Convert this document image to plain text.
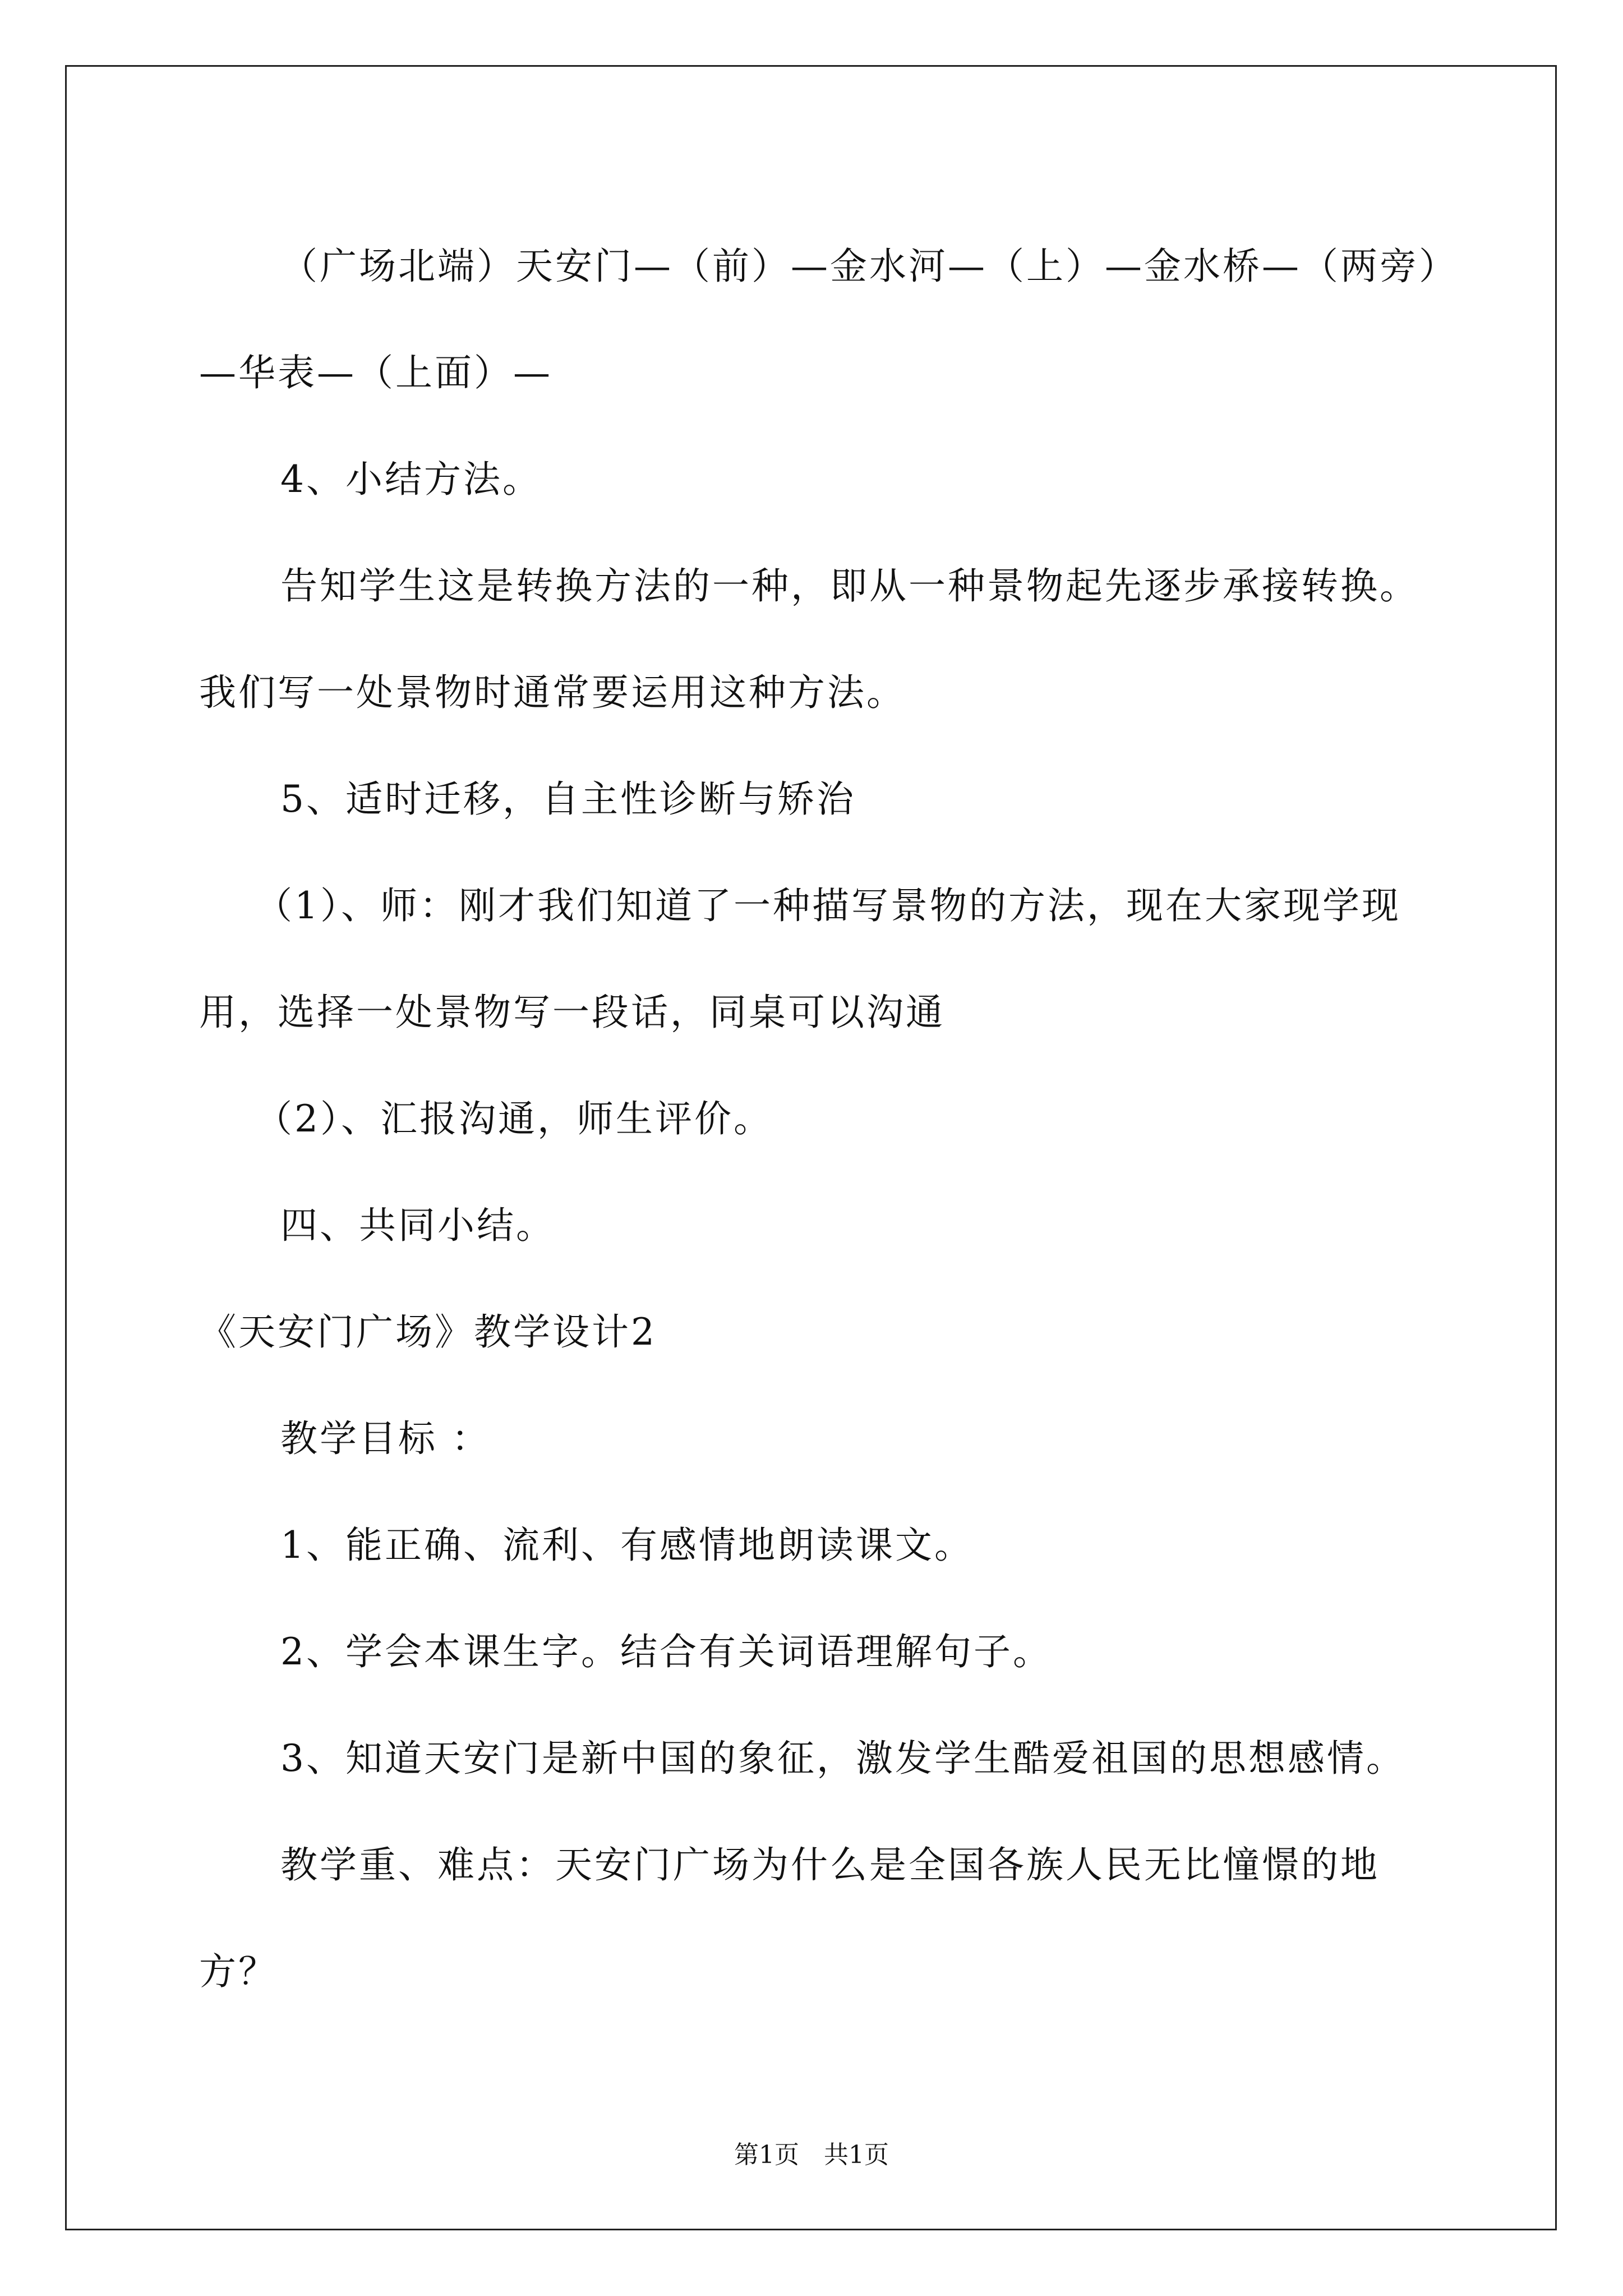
（广场北端）天安门—（前）—金水河—（上）—金水桥—（两旁）—华表—（上面）—

4、小结方法。

告知学生这是转换方法的一种，即从一种景物起先逐步承接转换。我们写一处景物时通常要运用这种方法。

5、适时迁移，自主性诊断与矫治

（1）、师：刚才我们知道了一种描写景物的方法，现在大家现学现用，选择一处景物写一段话，同桌可以沟通

（2）、汇报沟通，师生评价。

四、共同小结。

《天安门广场》教学设计2

教学目标 ：

1、能正确、流利、有感情地朗读课文。

2、学会本课生字。结合有关词语理解句子。

3、知道天安门是新中国的象征，激发学生酷爱祖国的思想感情。

教学重、难点：天安门广场为什么是全国各族人民无比憧憬的地方？

第1页　共1页
